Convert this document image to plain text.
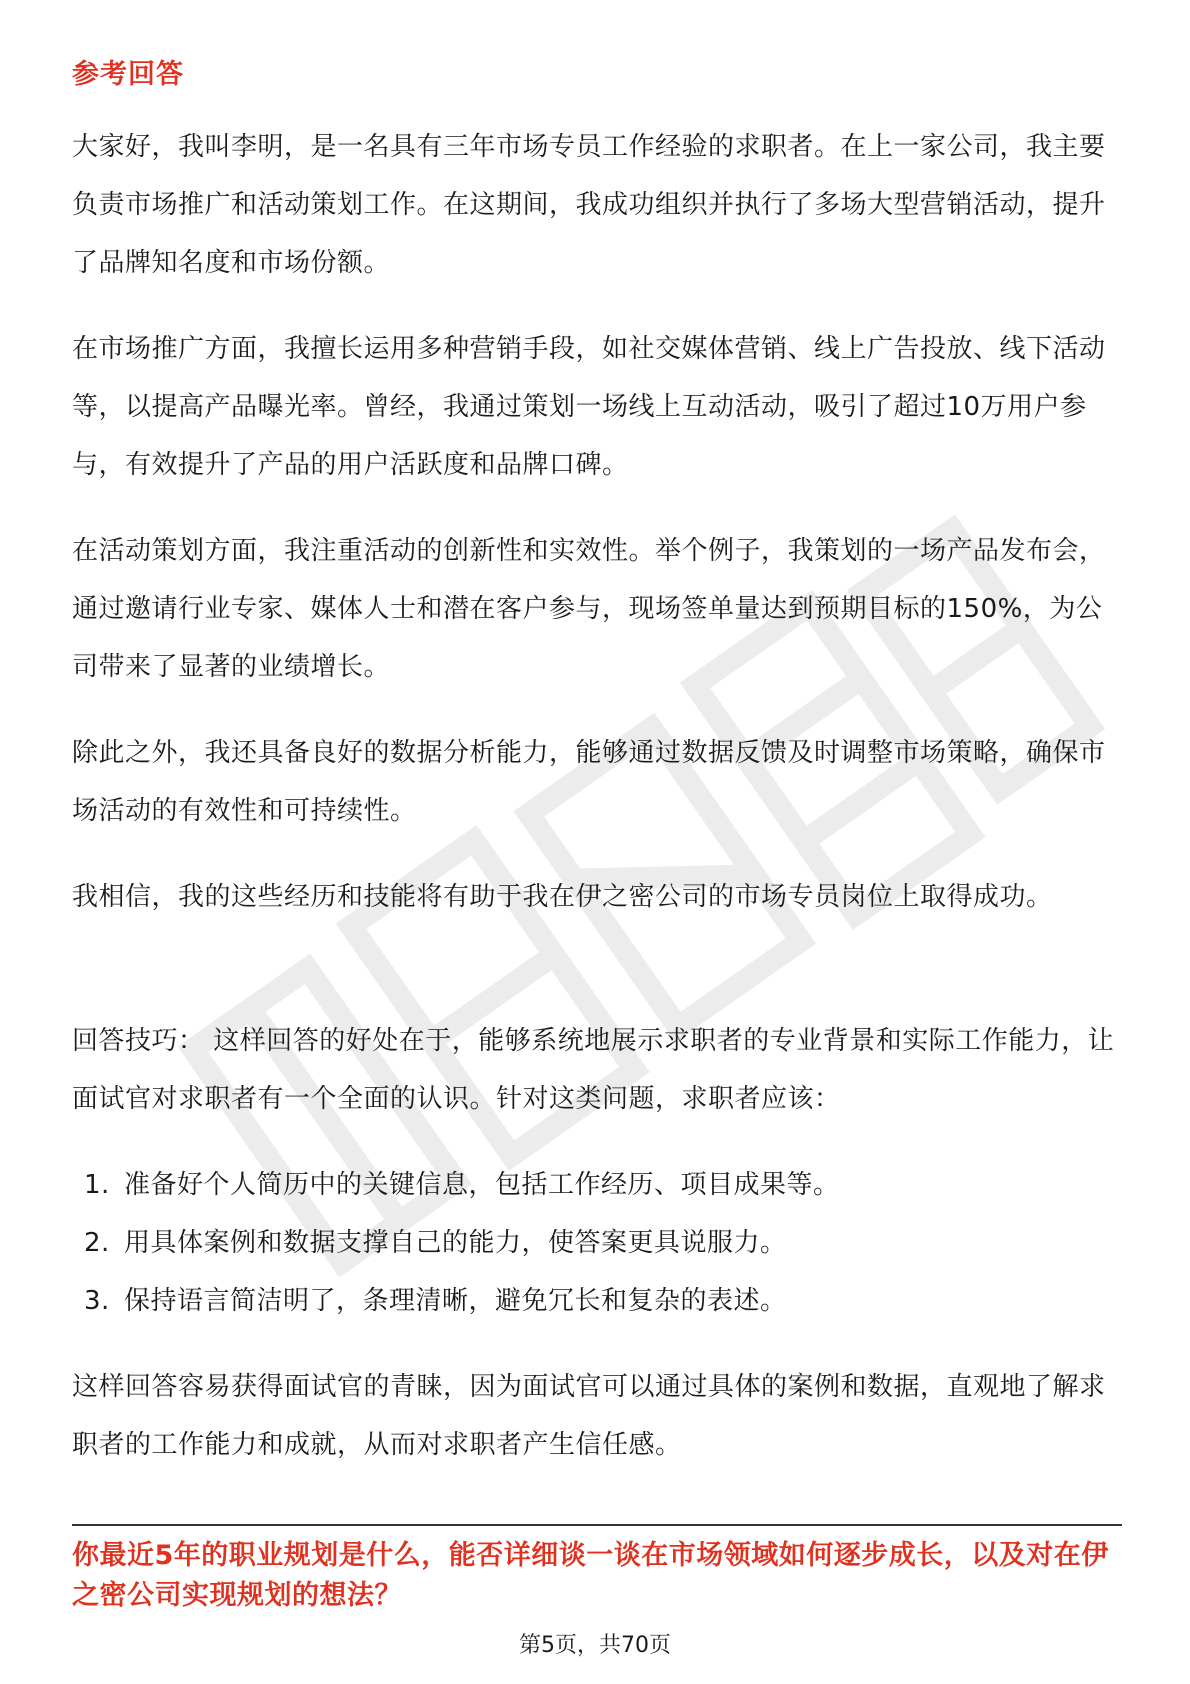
参考回答

大家好，我叫李明，是一名具有三年市场专员工作经验的求职者。在上一家公司，我主要负责市场推广和活动策划工作。在这期间，我成功组织并执行了多场大型营销活动，提升了品牌知名度和市场份额。

在市场推广方面，我擅长运用多种营销手段，如社交媒体营销、线上广告投放、线下活动等，以提高产品曝光率。曾经，我通过策划一场线上互动活动，吸引了超过10万用户参与，有效提升了产品的用户活跃度和品牌口碑。

在活动策划方面，我注重活动的创新性和实效性。举个例子，我策划的一场产品发布会，通过邀请行业专家、媒体人士和潜在客户参与，现场签单量达到预期目标的150%，为公司带来了显著的业绩增长。

除此之外，我还具备良好的数据分析能力，能够通过数据反馈及时调整市场策略，确保市场活动的有效性和可持续性。

我相信，我的这些经历和技能将有助于我在伊之密公司的市场专员岗位上取得成功。

回答技巧： 这样回答的好处在于，能够系统地展示求职者的专业背景和实际工作能力，让面试官对求职者有一个全面的认识。针对这类问题，求职者应该：

1. 准备好个人简历中的关键信息，包括工作经历、项目成果等。
2. 用具体案例和数据支撑自己的能力，使答案更具说服力。
3. 保持语言简洁明了，条理清晰，避免冗长和复杂的表述。

这样回答容易获得面试官的青睐，因为面试官可以通过具体的案例和数据，直观地了解求职者的工作能力和成就，从而对求职者产生信任感。

你最近5年的职业规划是什么，能否详细谈一谈在市场领域如何逐步成长，以及对在伊之密公司实现规划的想法？
第5页，共70页
